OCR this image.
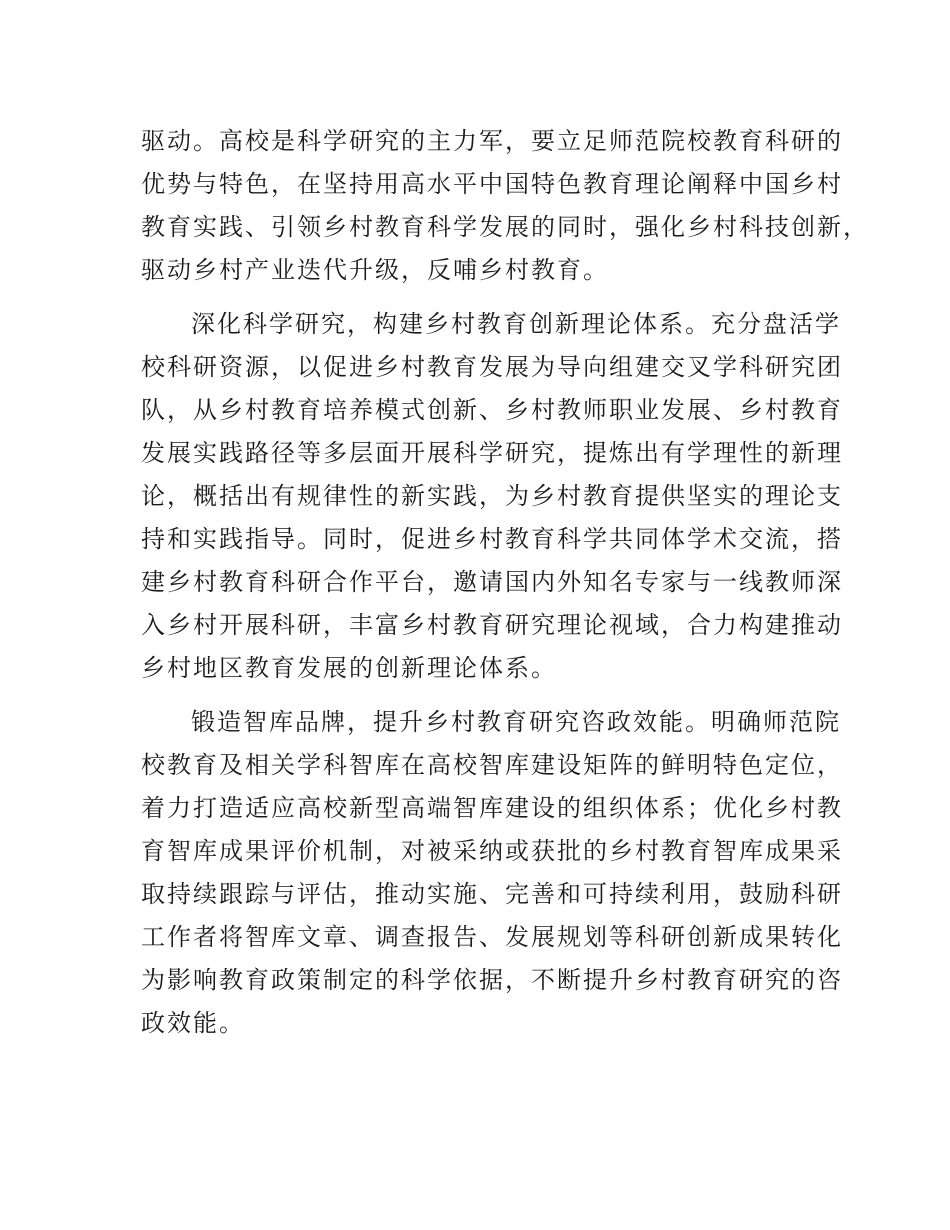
驱动。高校是科学研究的主力军，要立足师范院校教育科研的
优势与特色，在坚持用高水平中国特色教育理论阐释中国乡村
教育实践、引领乡村教育科学发展的同时，强化乡村科技创新，
驱动乡村产业迭代升级，反哺乡村教育。

深化科学研究，构建乡村教育创新理论体系。充分盘活学
校科研资源，以促进乡村教育发展为导向组建交叉学科研究团
队，从乡村教育培养模式创新、乡村教师职业发展、乡村教育
发展实践路径等多层面开展科学研究，提炼出有学理性的新理
论，概括出有规律性的新实践，为乡村教育提供坚实的理论支
持和实践指导。同时，促进乡村教育科学共同体学术交流，搭
建乡村教育科研合作平台，邀请国内外知名专家与一线教师深
入乡村开展科研，丰富乡村教育研究理论视域，合力构建推动
乡村地区教育发展的创新理论体系。

锻造智库品牌，提升乡村教育研究咨政效能。明确师范院
校教育及相关学科智库在高校智库建设矩阵的鲜明特色定位，
着力打造适应高校新型高端智库建设的组织体系；优化乡村教
育智库成果评价机制，对被采纳或获批的乡村教育智库成果采
取持续跟踪与评估，推动实施、完善和可持续利用，鼓励科研
工作者将智库文章、调查报告、发展规划等科研创新成果转化
为影响教育政策制定的科学依据，不断提升乡村教育研究的咨
政效能。
